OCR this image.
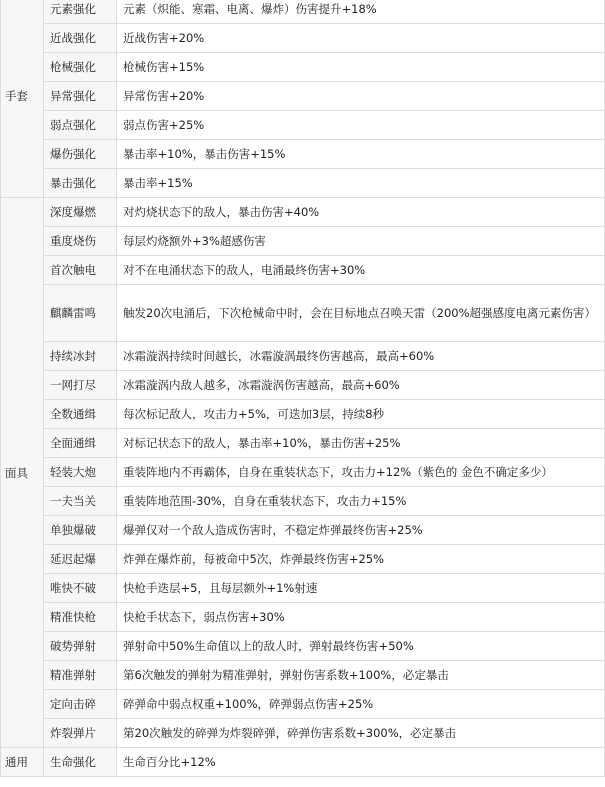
手套	元素强化	元素（炽能、寒霜、电离、爆炸）伤害提升+18%
	近战强化	近战伤害+20%
	枪械强化	枪械伤害+15%
	异常强化	异常伤害+20%
	弱点强化	弱点伤害+25%
	爆伤强化	暴击率+10%，暴击伤害+15%
	暴击强化	暴击率+15%
面具	深度爆燃	对灼烧状态下的敌人，暴击伤害+40%
	重度烧伤	每层灼烧额外+3%超感伤害
	首次触电	对不在电涌状态下的敌人，电涌最终伤害+30%
	麒麟雷鸣	触发20次电涌后，下次枪械命中时，会在目标地点召唤天雷（200%超强感度电离元素伤害）
	持续冰封	冰霜漩涡持续时间越长，冰霜漩涡最终伤害越高，最高+60%
	一网打尽	冰霜漩涡内敌人越多，冰霜漩涡伤害越高，最高+60%
	全数通缉	每次标记敌人，攻击力+5%，可迭加3层，持续8秒
	全面通缉	对标记状态下的敌人，暴击率+10%，暴击伤害+25%
	轻装大炮	重装阵地内不再霸体，自身在重装状态下，攻击力+12%（紫色的 金色不确定多少）
	一夫当关	重装阵地范围-30%，自身在重装状态下，攻击力+15%
	单独爆破	爆弹仅对一个敌人造成伤害时，不稳定炸弹最终伤害+25%
	延迟起爆	炸弹在爆炸前，每被命中5次，炸弹最终伤害+25%
	唯快不破	快枪手迭层+5，且每层额外+1%射速
	精准快枪	快枪手状态下，弱点伤害+30%
	破势弹射	弹射命中50%生命值以上的敌人时，弹射最终伤害+50%
	精准弹射	第6次触发的弹射为精准弹射，弹射伤害系数+100%，必定暴击
	定向击碎	碎弹命中弱点权重+100%，碎弹弱点伤害+25%
	炸裂弹片	第20次触发的碎弹为炸裂碎弹，碎弹伤害系数+300%，必定暴击
通用	生命强化	生命百分比+12%
